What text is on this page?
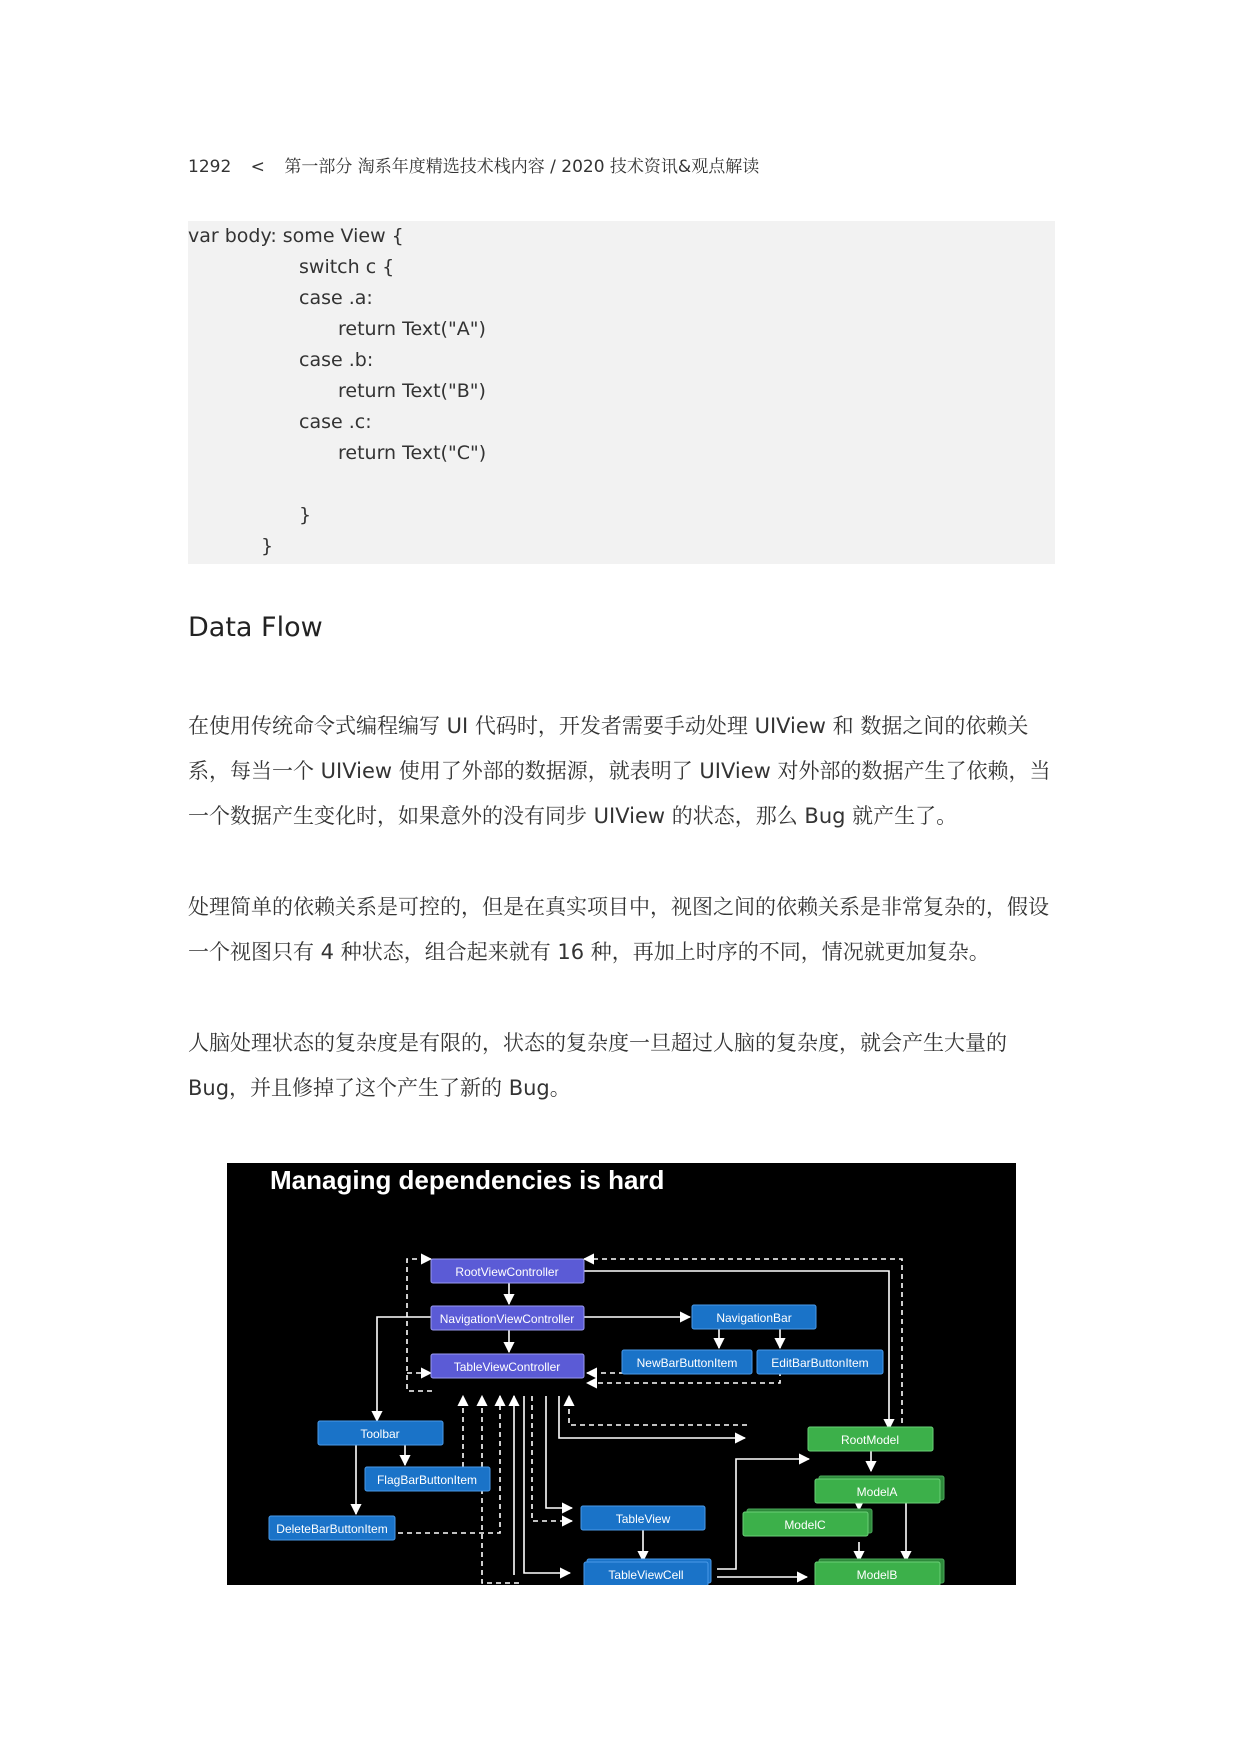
1292 < 第一部分 淘系年度精选技术栈内容 / 2020 技术资讯&观点解读
var body: some View {
switch c {
case .a:
return Text("A")
case .b:
return Text("B")
case .c:
return Text("C")
}
}
Data Flow
在使用传统命令式编程编写 UI 代码时，开发者需要手动处理 UIView 和 数据之间的依赖关系，每当一个 UIView 使用了外部的数据源，就表明了 UIView 对外部的数据产生了依赖，当一个数据产生变化时，如果意外的没有同步 UIView 的状态，那么 Bug 就产生了。
处理简单的依赖关系是可控的，但是在真实项目中，视图之间的依赖关系是非常复杂的，假设一个视图只有 4 种状态，组合起来就有 16 种，再加上时序的不同，情况就更加复杂。
人脑处理状态的复杂度是有限的，状态的复杂度一旦超过人脑的复杂度，就会产生大量的 Bug，并且修掉了这个产生了新的 Bug。
Managing dependencies is hard
RootViewController
NavigationViewController
TableViewController
NavigationBar
NewBarButtonItem	EditBarButtonItem
Toolbar
FlagBarButtonItem
DeleteBarButtonItem
TableView
TableViewCell
RootModel
ModelA
ModelC
ModelB
